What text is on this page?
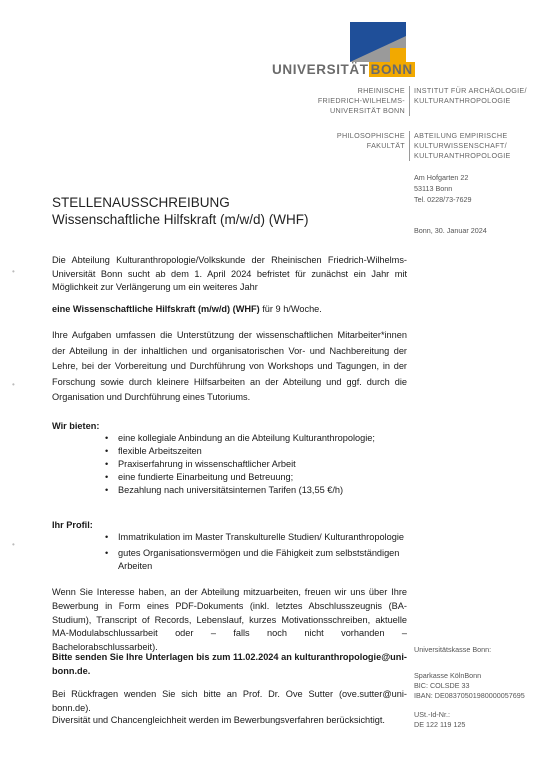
UNIVERSITÄT BONN
RHEINISCHE
FRIEDRICH-WILHELMS-
UNIVERSITÄT BONN
INSTITUT FÜR ARCHÄOLOGIE/
KULTURANTHROPOLOGIE
PHILOSOPHISCHE
FAKULTÄT
ABTEILUNG EMPIRISCHE
KULTURWISSENSCHAFT/
KULTURANTHROPOLOGIE
Am Hofgarten 22
53113 Bonn
Tel. 0228/73-7629
Bonn, 30. Januar 2024
STELLENAUSSCHREIBUNG
Wissenschaftliche Hilfskraft (m/w/d) (WHF)
•
•
•
Die Abteilung Kulturanthropologie/Volkskunde der Rheinischen Friedrich-Wilhelms-Universität Bonn sucht ab dem 1. April 2024 befristet für zunächst ein Jahr mit Möglichkeit zur Verlängerung um ein weiteres Jahr
eine Wissenschaftliche Hilfskraft (m/w/d) (WHF) für 9 h/Woche.
Ihre Aufgaben umfassen die Unterstützung der wissenschaftlichen Mitarbeiter*innen der Abteilung in der inhaltlichen und organisatorischen Vor- und Nachbereitung der Lehre, bei der Vorbereitung und Durchführung von Workshops und Tagungen, in der Forschung sowie durch kleinere Hilfsarbeiten an der Abteilung und ggf. durch die Organisation und Durchführung eines Tutoriums.
Wir bieten:
• eine kollegiale Anbindung an die Abteilung Kulturanthropologie;
• flexible Arbeitszeiten
• Praxiserfahrung in wissenschaftlicher Arbeit
• eine fundierte Einarbeitung und Betreuung;
• Bezahlung nach universitätsinternen Tarifen (13,55 €/h)
Ihr Profil:
• Immatrikulation im Master Transkulturelle Studien/ Kulturanthropologie
• gutes Organisationsvermögen und die Fähigkeit zum selbstständigen Arbeiten
Wenn Sie Interesse haben, an der Abteilung mitzuarbeiten, freuen wir uns über Ihre Bewerbung in Form eines PDF-Dokuments (inkl. letztes Abschlusszeugnis (BA-Studium), Transcript of Records, Lebenslauf, kurzes Motivationsschreiben, aktuelle MA-Modulabschlussarbeit oder – falls noch nicht vorhanden – Bachelorabschlussarbeit).
Bitte senden Sie Ihre Unterlagen bis zum 11.02.2024 an kulturanthropologie@uni-bonn.de.
Bei Rückfragen wenden Sie sich bitte an Prof. Dr. Ove Sutter (ove.sutter@uni-bonn.de).
Diversität und Chancengleichheit werden im Bewerbungsverfahren berücksichtigt.
Universitätskasse Bonn:
Sparkasse KölnBonn
BIC: COLSDE 33
IBAN: DE08370501980000057695
USt.-Id-Nr.:
DE 122 119 125
